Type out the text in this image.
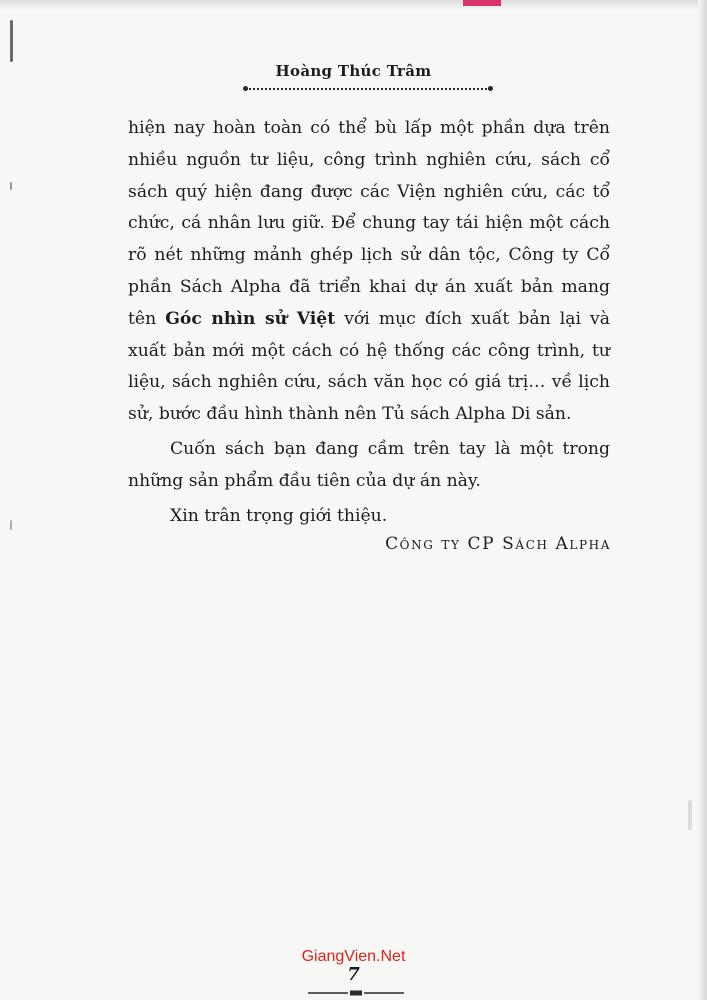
Hoàng Thúc Trâm

hiện nay hoàn toàn có thể bù lấp một phần dựa trên nhiều nguồn tư liệu, công trình nghiên cứu, sách cổ sách quý hiện đang được các Viện nghiên cứu, các tổ chức, cá nhân lưu giữ. Để chung tay tái hiện một cách rõ nét những mảnh ghép lịch sử dân tộc, Công ty Cổ phần Sách Alpha đã triển khai dự án xuất bản mang tên Góc nhìn sử Việt với mục đích xuất bản lại và xuất bản mới một cách có hệ thống các công trình, tư liệu, sách nghiên cứu, sách văn học có giá trị… về lịch sử, bước đầu hình thành nên Tủ sách Alpha Di sản.

Cuốn sách bạn đang cầm trên tay là một trong những sản phẩm đầu tiên của dự án này.

Xin trân trọng giới thiệu.

Công ty CP Sách Alpha
GiangVien.Net
7
